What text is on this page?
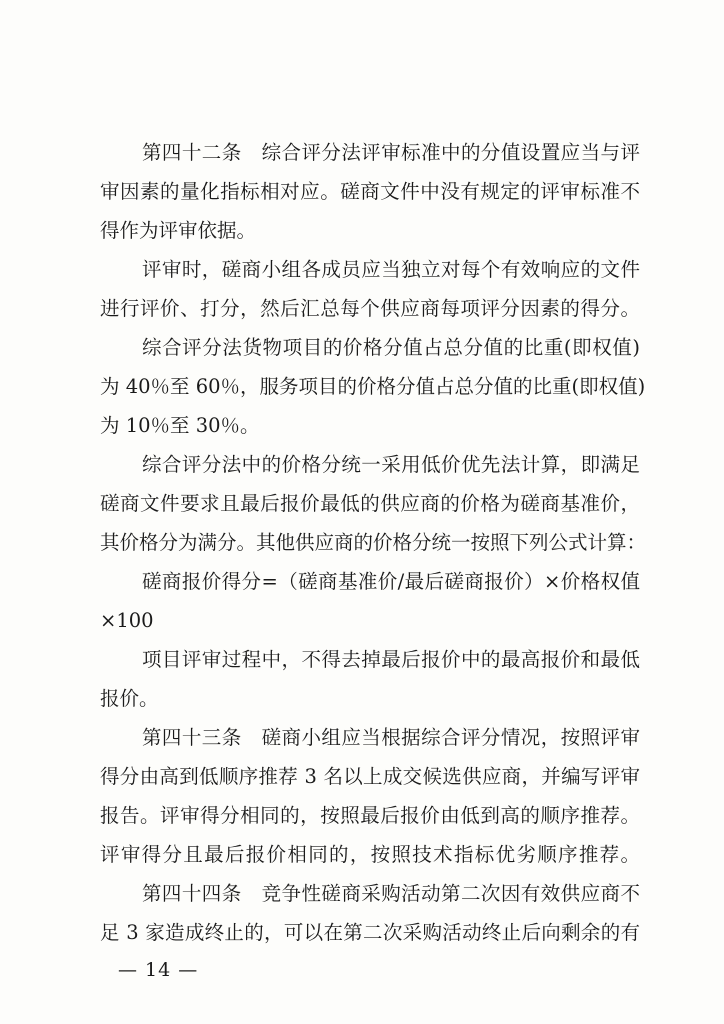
第四十二条　综合评分法评审标准中的分值设置应当与评
审因素的量化指标相对应。磋商文件中没有规定的评审标准不
得作为评审依据。
评审时，磋商小组各成员应当独立对每个有效响应的文件
进行评价、打分，然后汇总每个供应商每项评分因素的得分。
综合评分法货物项目的价格分值占总分值的比重(即权值)
为 40％至 60％，服务项目的价格分值占总分值的比重(即权值)
为 10％至 30％。
综合评分法中的价格分统一采用低价优先法计算，即满足
磋商文件要求且最后报价最低的供应商的价格为磋商基准价，
其价格分为满分。其他供应商的价格分统一按照下列公式计算：
磋商报价得分=（磋商基准价/最后磋商报价）×价格权值
×100
项目评审过程中，不得去掉最后报价中的最高报价和最低
报价。
第四十三条　磋商小组应当根据综合评分情况，按照评审
得分由高到低顺序推荐 3 名以上成交候选供应商，并编写评审
报告。评审得分相同的，按照最后报价由低到高的顺序推荐。
评审得分且最后报价相同的，按照技术指标优劣顺序推荐。
第四十四条　竞争性磋商采购活动第二次因有效供应商不
足 3 家造成终止的，可以在第二次采购活动终止后向剩余的有
— 14 —
